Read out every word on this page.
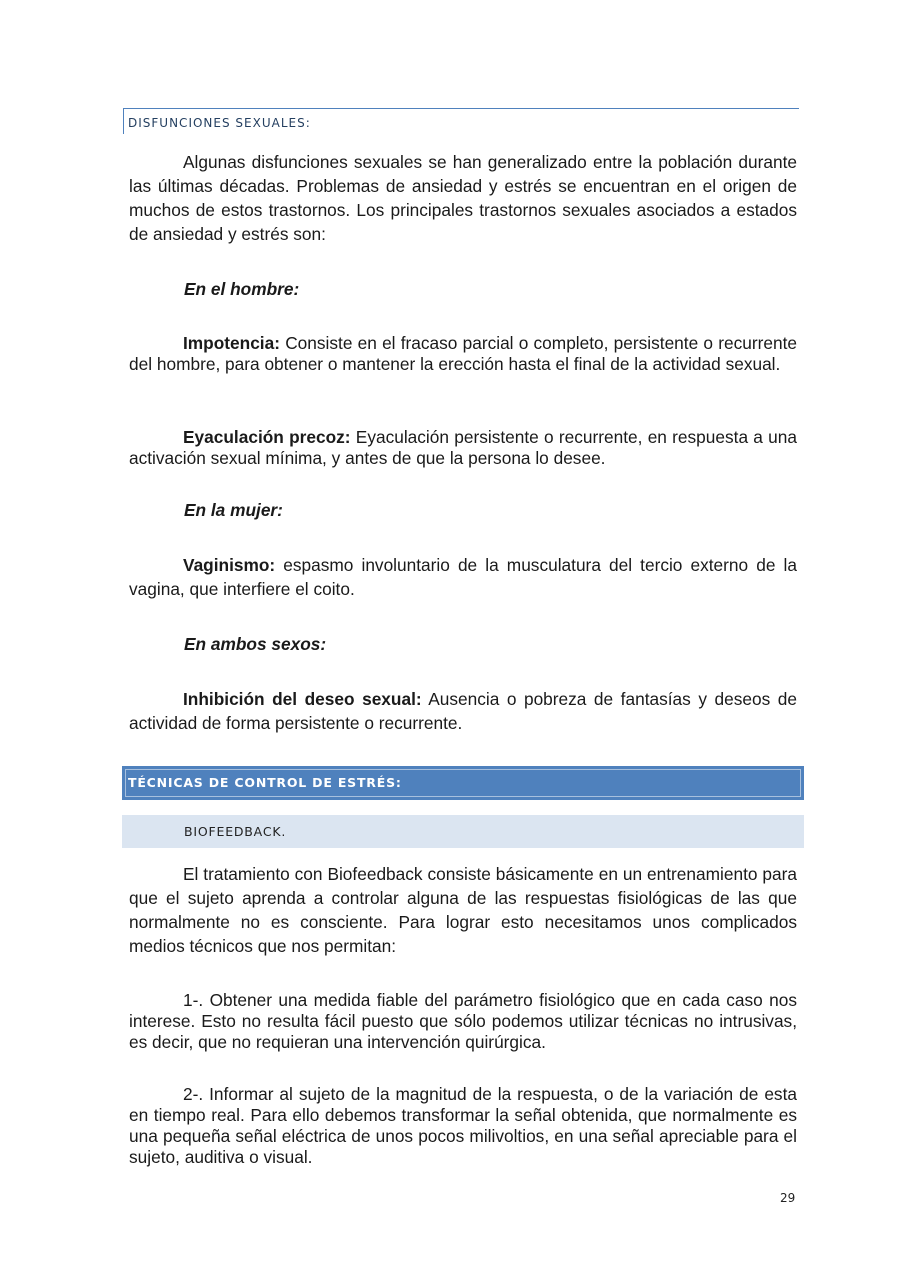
DISFUNCIONES SEXUALES:

Algunas disfunciones sexuales se han generalizado entre la población durante las últimas décadas. Problemas de ansiedad y estrés se encuentran en el origen de muchos de estos trastornos. Los principales trastornos sexuales asociados a estados de ansiedad y estrés son:

En el hombre:

Impotencia: Consiste en el fracaso parcial o completo, persistente o recurrente del hombre, para obtener o mantener la erección hasta el final de la actividad sexual.

Eyaculación precoz: Eyaculación persistente o recurrente, en respuesta a una activación sexual mínima, y antes de que la persona lo desee.

En la mujer:

Vaginismo: espasmo involuntario de la musculatura del tercio externo de la vagina, que interfiere el coito.

En ambos sexos:

Inhibición del deseo sexual: Ausencia o pobreza de fantasías y deseos de actividad de forma persistente o recurrente.

TÉCNICAS DE CONTROL DE ESTRÉS:
BIOFEEDBACK.

El tratamiento con Biofeedback consiste básicamente en un entrenamiento para que el sujeto aprenda a controlar alguna de las respuestas fisiológicas de las que normalmente no es consciente. Para lograr esto necesitamos unos complicados medios técnicos que nos permitan:

1-. Obtener una medida fiable del parámetro fisiológico que en cada caso nos interese. Esto no resulta fácil puesto que sólo podemos utilizar técnicas no intrusivas, es decir, que no requieran una intervención quirúrgica.

2-. Informar al sujeto de la magnitud de la respuesta, o de la variación de esta en tiempo real. Para ello debemos transformar la señal obtenida, que normalmente es una pequeña señal eléctrica de unos pocos milivoltios, en una señal apreciable para el sujeto, auditiva o visual.

29
